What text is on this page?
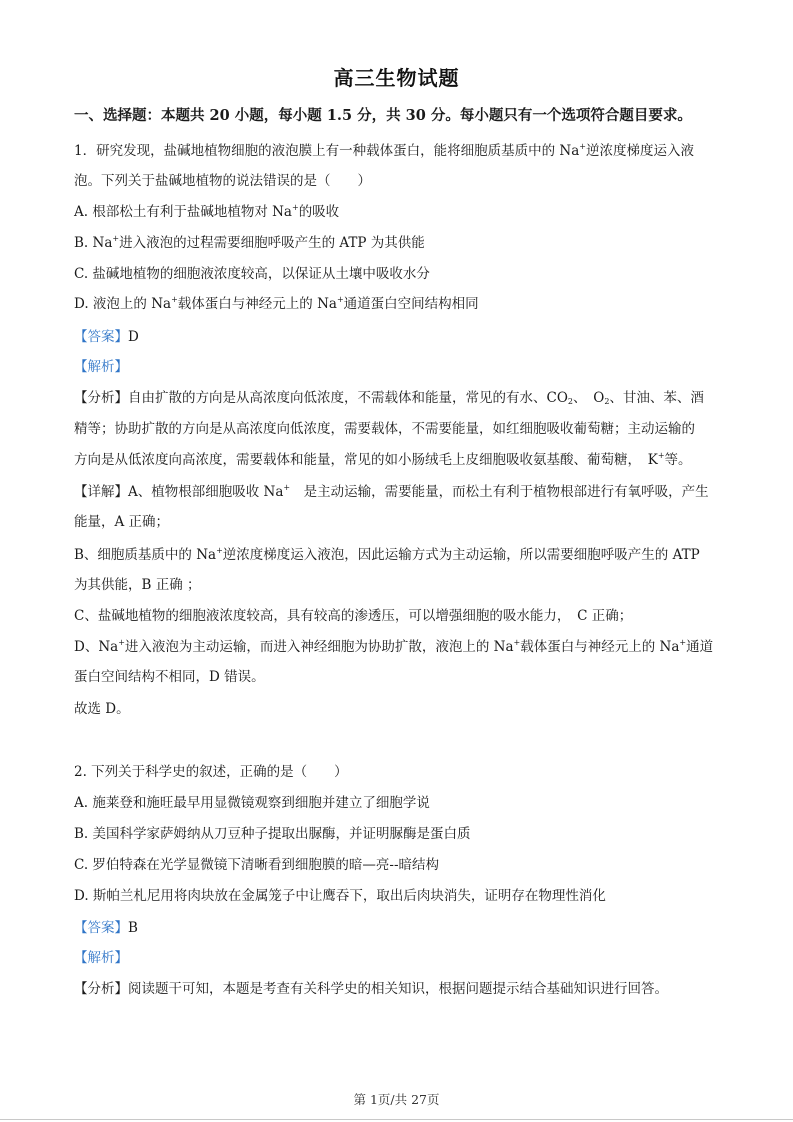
高三生物试题
一、选择题：本题共 20 小题，每小题 1.5 分，共 30 分。每小题只有一个选项符合题目要求。
1．研究发现，盐碱地植物细胞的液泡膜上有一种载体蛋白，能将细胞质基质中的 Na+逆浓度梯度运入液
泡。下列关于盐碱地植物的说法错误的是（　　）
A. 根部松土有利于盐碱地植物对 Na+的吸收
B. Na+进入液泡的过程需要细胞呼吸产生的 ATP 为其供能
C. 盐碱地植物的细胞液浓度较高，以保证从土壤中吸收水分
D. 液泡上的 Na+载体蛋白与神经元上的 Na+通道蛋白空间结构相同
【答案】D
【解析】
【分析】自由扩散的方向是从高浓度向低浓度，不需载体和能量，常见的有水、$CO_2$、　$O_2$、甘油、苯、酒
精等；协助扩散的方向是从高浓度向低浓度，需要载体，不需要能量，如红细胞吸收葡萄糖；主动运输的
方向是从低浓度向高浓度，需要载体和能量，常见的如小肠绒毛上皮细胞吸收氨基酸、葡萄糖，　K+等。
【详解】A、植物根部细胞吸收 Na+　 是主动运输，需要能量，而松土有利于植物根部进行有氧呼吸，产生
能量，A 正确；
B、细胞质基质中的 Na+逆浓度梯度运入液泡，因此运输方式为主动运输，所以需要细胞呼吸产生的 ATP
为其供能，B 正确 ；
C、盐碱地植物的细胞液浓度较高，具有较高的渗透压，可以增强细胞的吸水能力，　C 正确；
D、Na+进入液泡为主动运输，而进入神经细胞为协助扩散，液泡上的 Na+载体蛋白与神经元上的 Na+通道
蛋白空间结构不相同，D 错误。
故选 D。
2. 下列关于科学史的叙述，正确的是（　　）
A. 施莱登和施旺最早用显微镜观察到细胞并建立了细胞学说
B. 美国科学家萨姆纳从刀豆种子提取出脲酶，并证明脲酶是蛋白质
C. 罗伯特森在光学显微镜下清晰看到细胞膜的暗—亮--暗结构
D. 斯帕兰札尼用将肉块放在金属笼子中让鹰吞下，取出后肉块消失，证明存在物理性消化
【答案】B
【解析】
【分析】阅读题干可知，本题是考查有关科学史的相关知识，根据问题提示结合基础知识进行回答。
第 1页/共 27页
